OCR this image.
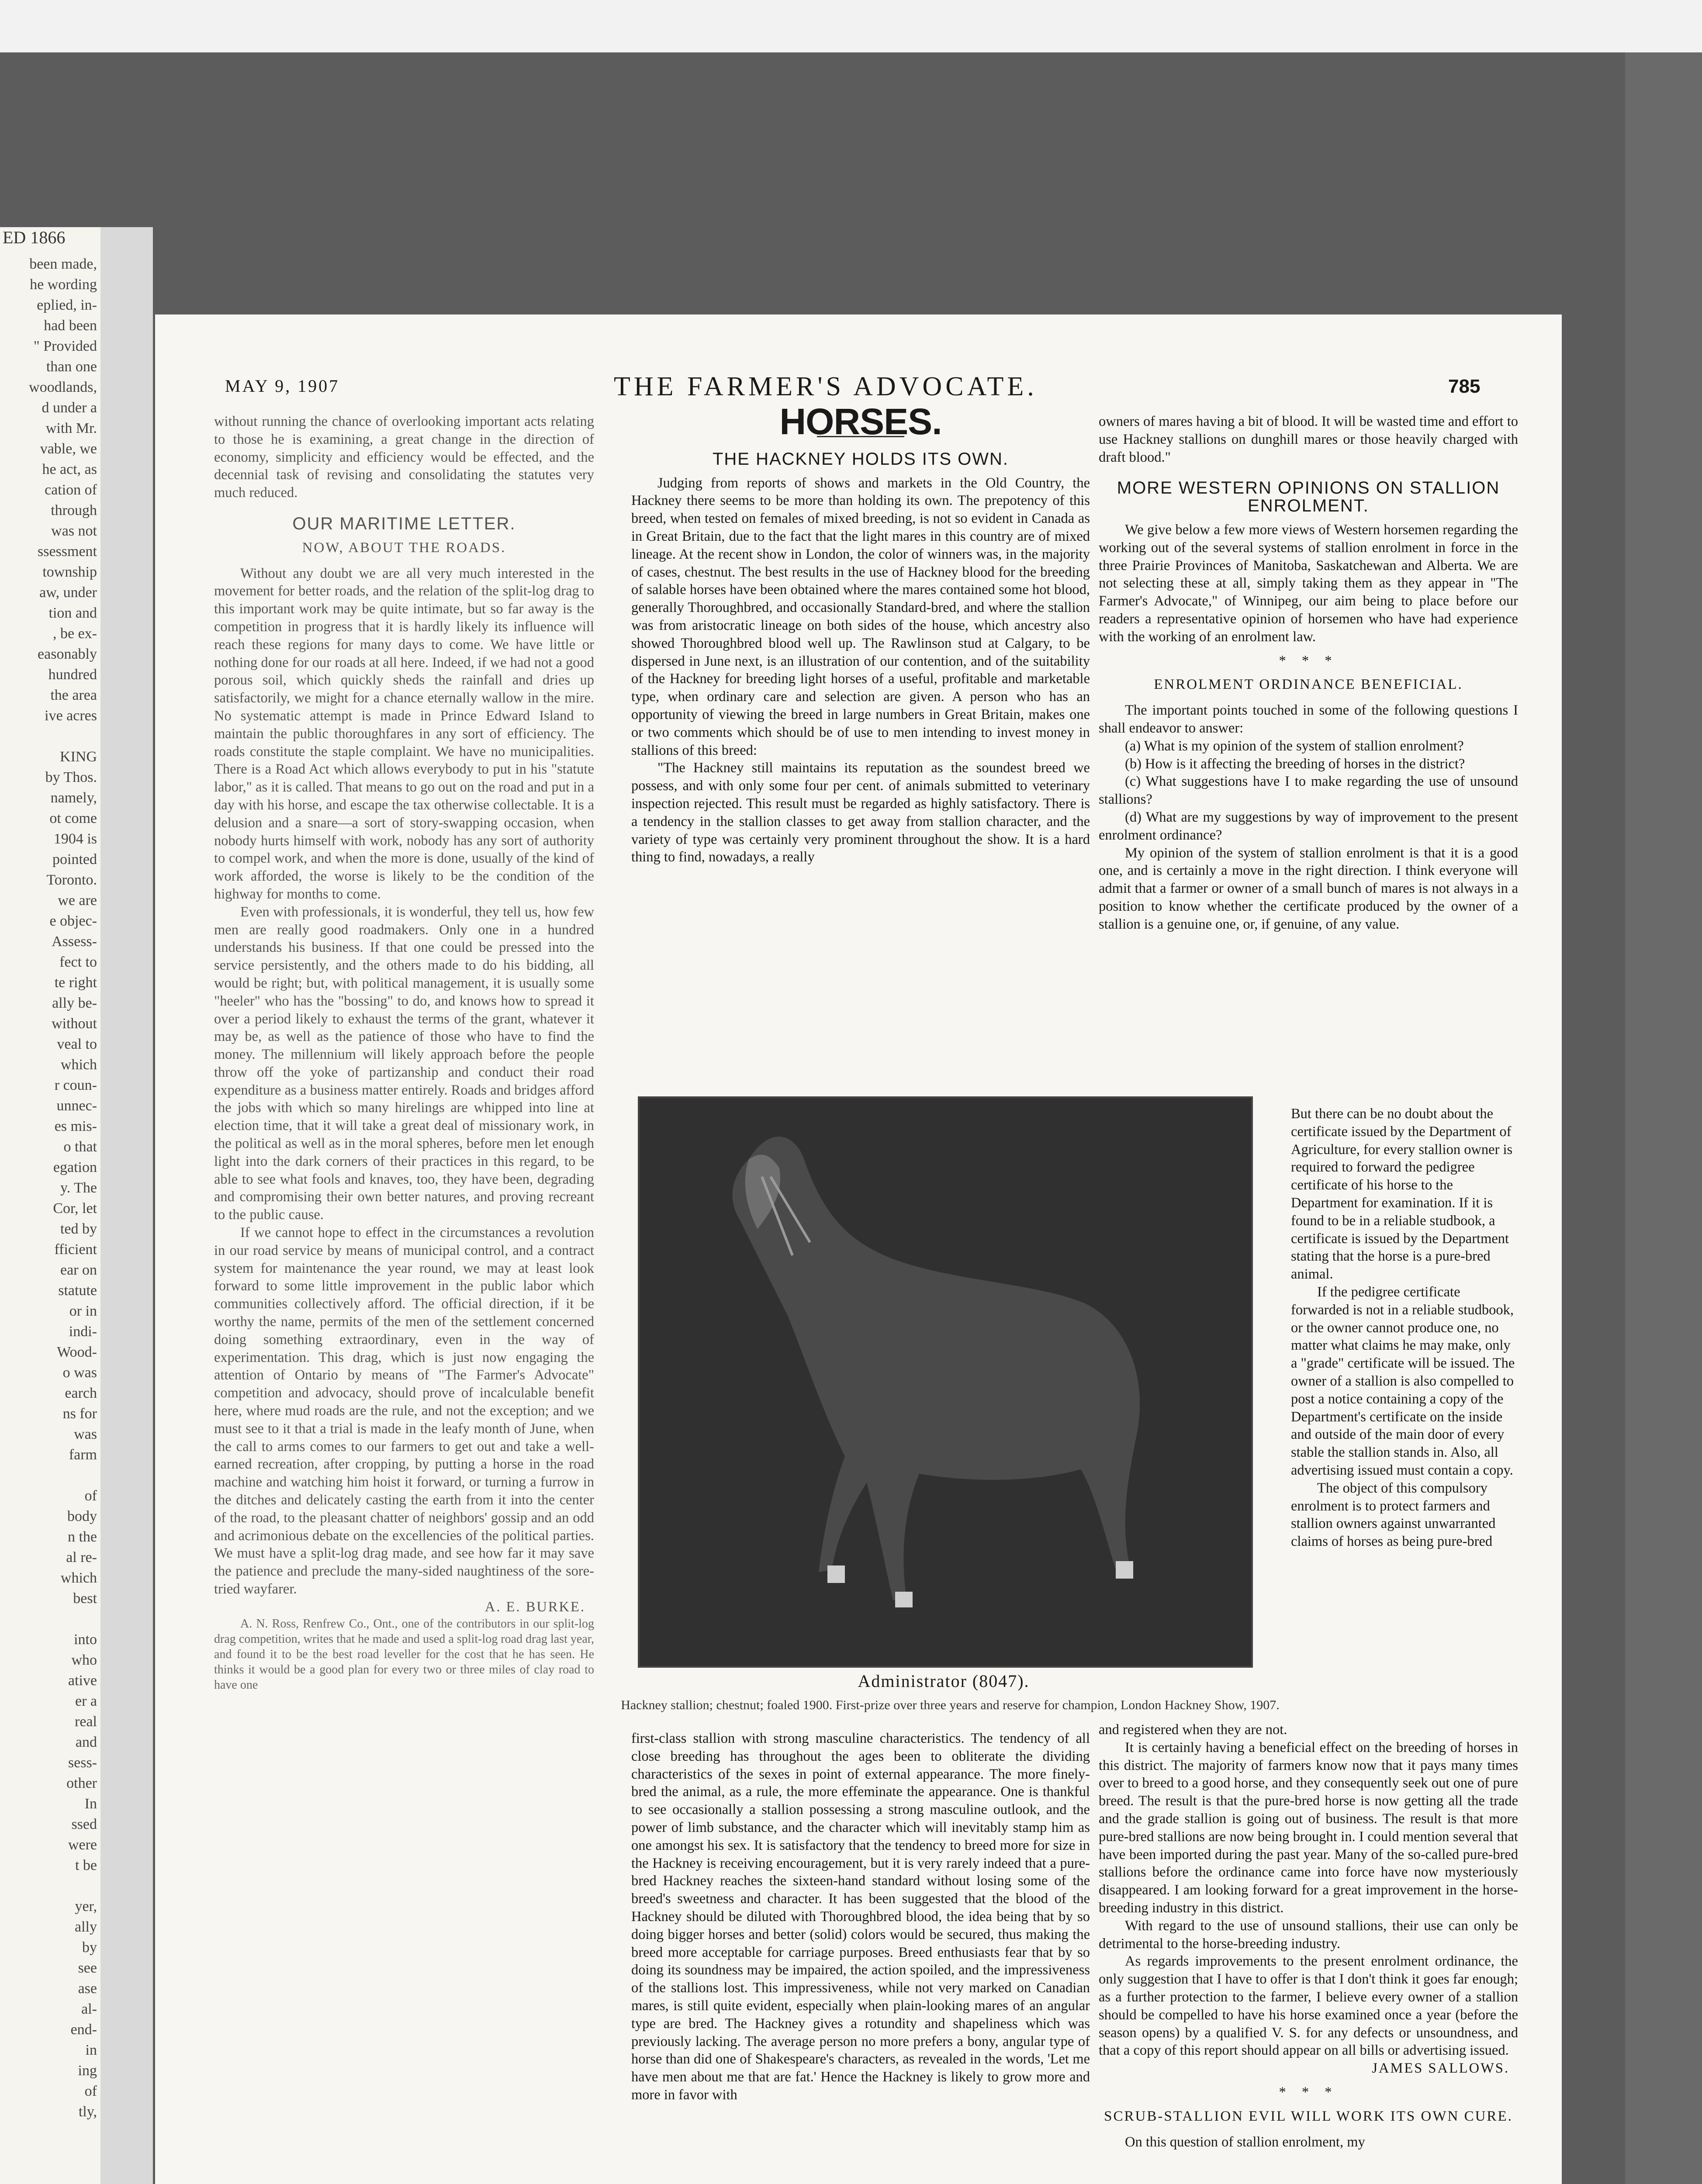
ED 1866
been made,
he wording
eplied, in-
had been
" Provided
than one
woodlands,
d under a
with Mr.
vable, we
he act, as
cation of
through
was not
ssessment
township
aw, under
tion and
, be ex-
easonably
hundred
the area
ive acres

KING
by Thos.
namely,
ot come
1904 is
pointed
Toronto.
we are
e objec-
Assess-
fect to
te right
ally be-
without
veal to
which
r coun-
unnec-
es mis-
o that
egation
y. The
Cor, let
ted by
fficient
ear on
statute
or in
indi-
Wood-
o was
earch
ns for
was
farm

of
body
n the
al re-
which
best

into
who
ative
er a
real
and
sess-
other
In
ssed
were
t be

yer,
ally
by
see
ase
al-
end-
in
ing
of
tly,
MAY 9, 1907	THE FARMER'S ADVOCATE.	785

without running the chance of overlooking important acts relating to those he is examining, a great change in the direction of economy, simplicity and efficiency would be effected, and the decennial task of revising and consolidating the statutes very much reduced.

OUR MARITIME LETTER.
NOW, ABOUT THE ROADS.

Without any doubt we are all very much interested in the movement for better roads, and the relation of the split-log drag to this important work may be quite intimate, but so far away is the competition in progress that it is hardly likely its influence will reach these regions for many days to come. We have little or nothing done for our roads at all here. Indeed, if we had not a good porous soil, which quickly sheds the rainfall and dries up satisfactorily, we might for a chance eternally wallow in the mire. No systematic attempt is made in Prince Edward Island to maintain the public thoroughfares in any sort of efficiency. The roads constitute the staple complaint. We have no municipalities. There is a Road Act which allows everybody to put in his "statute labor," as it is called. That means to go out on the road and put in a day with his horse, and escape the tax otherwise collectable. It is a delusion and a snare—a sort of story-swapping occasion, when nobody hurts himself with work, nobody has any sort of authority to compel work, and when the more is done, usually of the kind of work afforded, the worse is likely to be the condition of the highway for months to come.

Even with professionals, it is wonderful, they tell us, how few men are really good roadmakers. Only one in a hundred understands his business. If that one could be pressed into the service persistently, and the others made to do his bidding, all would be right; but, with political management, it is usually some "heeler" who has the "bossing" to do, and knows how to spread it over a period likely to exhaust the terms of the grant, whatever it may be, as well as the patience of those who have to find the money. The millennium will likely approach before the people throw off the yoke of partizanship and conduct their road expenditure as a business matter entirely. Roads and bridges afford the jobs with which so many hirelings are whipped into line at election time, that it will take a great deal of missionary work, in the political as well as in the moral spheres, before men let enough light into the dark corners of their practices in this regard, to be able to see what fools and knaves, too, they have been, degrading and compromising their own better natures, and proving recreant to the public cause.

If we cannot hope to effect in the circumstances a revolution in our road service by means of municipal control, and a contract system for maintenance the year round, we may at least look forward to some little improvement in the public labor which communities collectively afford. The official direction, if it be worthy the name, permits of the men of the settlement concerned doing something extraordinary, even in the way of experimentation. This drag, which is just now engaging the attention of Ontario by means of "The Farmer's Advocate" competition and advocacy, should prove of incalculable benefit here, where mud roads are the rule, and not the exception; and we must see to it that a trial is made in the leafy month of June, when the call to arms comes to our farmers to get out and take a well-earned recreation, after cropping, by putting a horse in the road machine and watching him hoist it forward, or turning a furrow in the ditches and delicately casting the earth from it into the center of the road, to the pleasant chatter of neighbors' gossip and an odd and acrimonious debate on the excellencies of the political parties. We must have a split-log drag made, and see how far it may save the patience and preclude the many-sided naughtiness of the sore-tried wayfarer.

A. E. BURKE.

A. N. Ross, Renfrew Co., Ont., one of the contributors in our split-log drag competition, writes that he made and used a split-log road drag last year, and found it to be the best road leveller for the cost that he has seen. He thinks it would be a good plan for every two or three miles of clay road to have one

HORSES.
THE HACKNEY HOLDS ITS OWN.

Judging from reports of shows and markets in the Old Country, the Hackney there seems to be more than holding its own. The prepotency of this breed, when tested on females of mixed breeding, is not so evident in Canada as in Great Britain, due to the fact that the light mares in this country are of mixed lineage. At the recent show in London, the color of winners was, in the majority of cases, chestnut. The best results in the use of Hackney blood for the breeding of salable horses have been obtained where the mares contained some hot blood, generally Thoroughbred, and occasionally Standard-bred, and where the stallion was from aristocratic lineage on both sides of the house, which ancestry also showed Thoroughbred blood well up. The Rawlinson stud at Calgary, to be dispersed in June next, is an illustration of our contention, and of the suitability of the Hackney for breeding light horses of a useful, profitable and marketable type, when ordinary care and selection are given. A person who has an opportunity of viewing the breed in large numbers in Great Britain, makes one or two comments which should be of use to men intending to invest money in stallions of this breed:

"The Hackney still maintains its reputation as the soundest breed we possess, and with only some four per cent. of animals submitted to veterinary inspection rejected. This result must be regarded as highly satisfactory. There is a tendency in the stallion classes to get away from stallion character, and the variety of type was certainly very prominent throughout the show. It is a hard thing to find, nowadays, a really

Administrator (8047).
Hackney stallion; chestnut; foaled 1900. First-prize over three years and reserve for champion, London Hackney Show, 1907.

first-class stallion with strong masculine characteristics. The tendency of all close breeding has throughout the ages been to obliterate the dividing characteristics of the sexes in point of external appearance. The more finely-bred the animal, as a rule, the more effeminate the appearance. One is thankful to see occasionally a stallion possessing a strong masculine outlook, and the power of limb substance, and the character which will inevitably stamp him as one amongst his sex. It is satisfactory that the tendency to breed more for size in the Hackney is receiving encouragement, but it is very rarely indeed that a pure-bred Hackney reaches the sixteen-hand standard without losing some of the breed's sweetness and character. It has been suggested that the blood of the Hackney should be diluted with Thoroughbred blood, the idea being that by so doing bigger horses and better (solid) colors would be secured, thus making the breed more acceptable for carriage purposes. Breed enthusiasts fear that by so doing its soundness may be impaired, the action spoiled, and the impressiveness of the stallions lost. This impressiveness, while not very marked on Canadian mares, is still quite evident, especially when plain-looking mares of an angular type are bred. The Hackney gives a rotundity and shapeliness which was previously lacking. The average person no more prefers a bony, angular type of horse than did one of Shakespeare's characters, as revealed in the words, 'Let me have men about me that are fat.' Hence the Hackney is likely to grow more and more in favor with

owners of mares having a bit of blood. It will be wasted time and effort to use Hackney stallions on dunghill mares or those heavily charged with draft blood."

MORE WESTERN OPINIONS ON STALLION ENROLMENT.

We give below a few more views of Western horsemen regarding the working out of the several systems of stallion enrolment in force in the three Prairie Provinces of Manitoba, Saskatchewan and Alberta. We are not selecting these at all, simply taking them as they appear in "The Farmer's Advocate," of Winnipeg, our aim being to place before our readers a representative opinion of horsemen who have had experience with the working of an enrolment law.

* * *
ENROLMENT ORDINANCE BENEFICIAL.

The important points touched in some of the following questions I shall endeavor to answer:

(a) What is my opinion of the system of stallion enrolment?

(b) How is it affecting the breeding of horses in the district?

(c) What suggestions have I to make regarding the use of unsound stallions?

(d) What are my suggestions by way of improvement to the present enrolment ordinance?

My opinion of the system of stallion enrolment is that it is a good one, and is certainly a move in the right direction. I think everyone will admit that a farmer or owner of a small bunch of mares is not always in a position to know whether the certificate produced by the owner of a stallion is a genuine one, or, if genuine, of any value.

But there can be no doubt about the certificate issued by the Department of Agriculture, for every stallion owner is required to forward the pedigree certificate of his horse to the Department for examination. If it is found to be in a reliable studbook, a certificate is issued by the Department stating that the horse is a pure-bred animal.

If the pedigree certificate forwarded is not in a reliable studbook, or the owner cannot produce one, no matter what claims he may make, only a "grade" certificate will be issued. The owner of a stallion is also compelled to post a notice containing a copy of the Department's certificate on the inside and outside of the main door of every stable the stallion stands in. Also, all advertising issued must contain a copy.

The object of this compulsory enrolment is to protect farmers and stallion owners against unwarranted claims of horses as being pure-bred

and registered when they are not.

It is certainly having a beneficial effect on the breeding of horses in this district. The majority of farmers know now that it pays many times over to breed to a good horse, and they consequently seek out one of pure breed. The result is that the pure-bred horse is now getting all the trade and the grade stallion is going out of business. The result is that more pure-bred stallions are now being brought in. I could mention several that have been imported during the past year. Many of the so-called pure-bred stallions before the ordinance came into force have now mysteriously disappeared. I am looking forward for a great improvement in the horse-breeding industry in this district.

With regard to the use of unsound stallions, their use can only be detrimental to the horse-breeding industry.

As regards improvements to the present enrolment ordinance, the only suggestion that I have to offer is that I don't think it goes far enough; as a further protection to the farmer, I believe every owner of a stallion should be compelled to have his horse examined once a year (before the season opens) by a qualified V. S. for any defects or unsoundness, and that a copy of this report should appear on all bills or advertising issued.

JAMES SALLOWS.
* * *
SCRUB-STALLION EVIL WILL WORK ITS OWN CURE.

On this question of stallion enrolment, my
